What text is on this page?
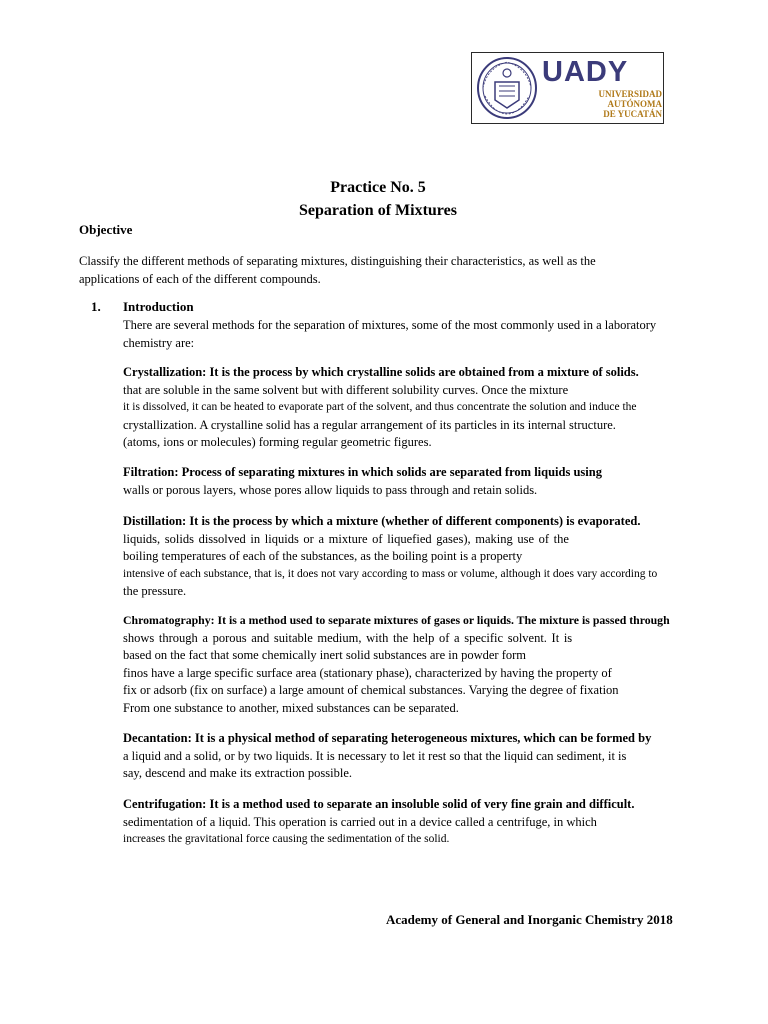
UADY
UNIVERSIDAD
AUTÓNOMA
DE YUCATÁN
Practice No. 5
Separation of Mixtures
Objective
Classify the different methods of separating mixtures, distinguishing their characteristics, as well as the
applications of each of the different compounds.
1. Introduction
There are several methods for the separation of mixtures, some of the most commonly used in a laboratory
chemistry are:
Crystallization: It is the process by which crystalline solids are obtained from a mixture of solids.
that are soluble in the same solvent but with different solubility curves. Once the mixture
it is dissolved, it can be heated to evaporate part of the solvent, and thus concentrate the solution and induce the
crystallization. A crystalline solid has a regular arrangement of its particles in its internal structure.
(atoms, ions or molecules) forming regular geometric figures.
Filtration: Process of separating mixtures in which solids are separated from liquids using
walls or porous layers, whose pores allow liquids to pass through and retain solids.
Distillation: It is the process by which a mixture (whether of different components) is evaporated.
liquids, solids dissolved in liquids or a mixture of liquefied gases), making use of the
boiling temperatures of each of the substances, as the boiling point is a property
intensive of each substance, that is, it does not vary according to mass or volume, although it does vary according to
the pressure.
Chromatography: It is a method used to separate mixtures of gases or liquids. The mixture is passed through
shows through a porous and suitable medium, with the help of a specific solvent. It is
based on the fact that some chemically inert solid substances are in powder form
finos have a large specific surface area (stationary phase), characterized by having the property of
fix or adsorb (fix on surface) a large amount of chemical substances. Varying the degree of fixation
From one substance to another, mixed substances can be separated.
Decantation: It is a physical method of separating heterogeneous mixtures, which can be formed by
a liquid and a solid, or by two liquids. It is necessary to let it rest so that the liquid can sediment, it is
say, descend and make its extraction possible.
Centrifugation: It is a method used to separate an insoluble solid of very fine grain and difficult.
sedimentation of a liquid. This operation is carried out in a device called a centrifuge, in which
increases the gravitational force causing the sedimentation of the solid.
Academy of General and Inorganic Chemistry 2018
